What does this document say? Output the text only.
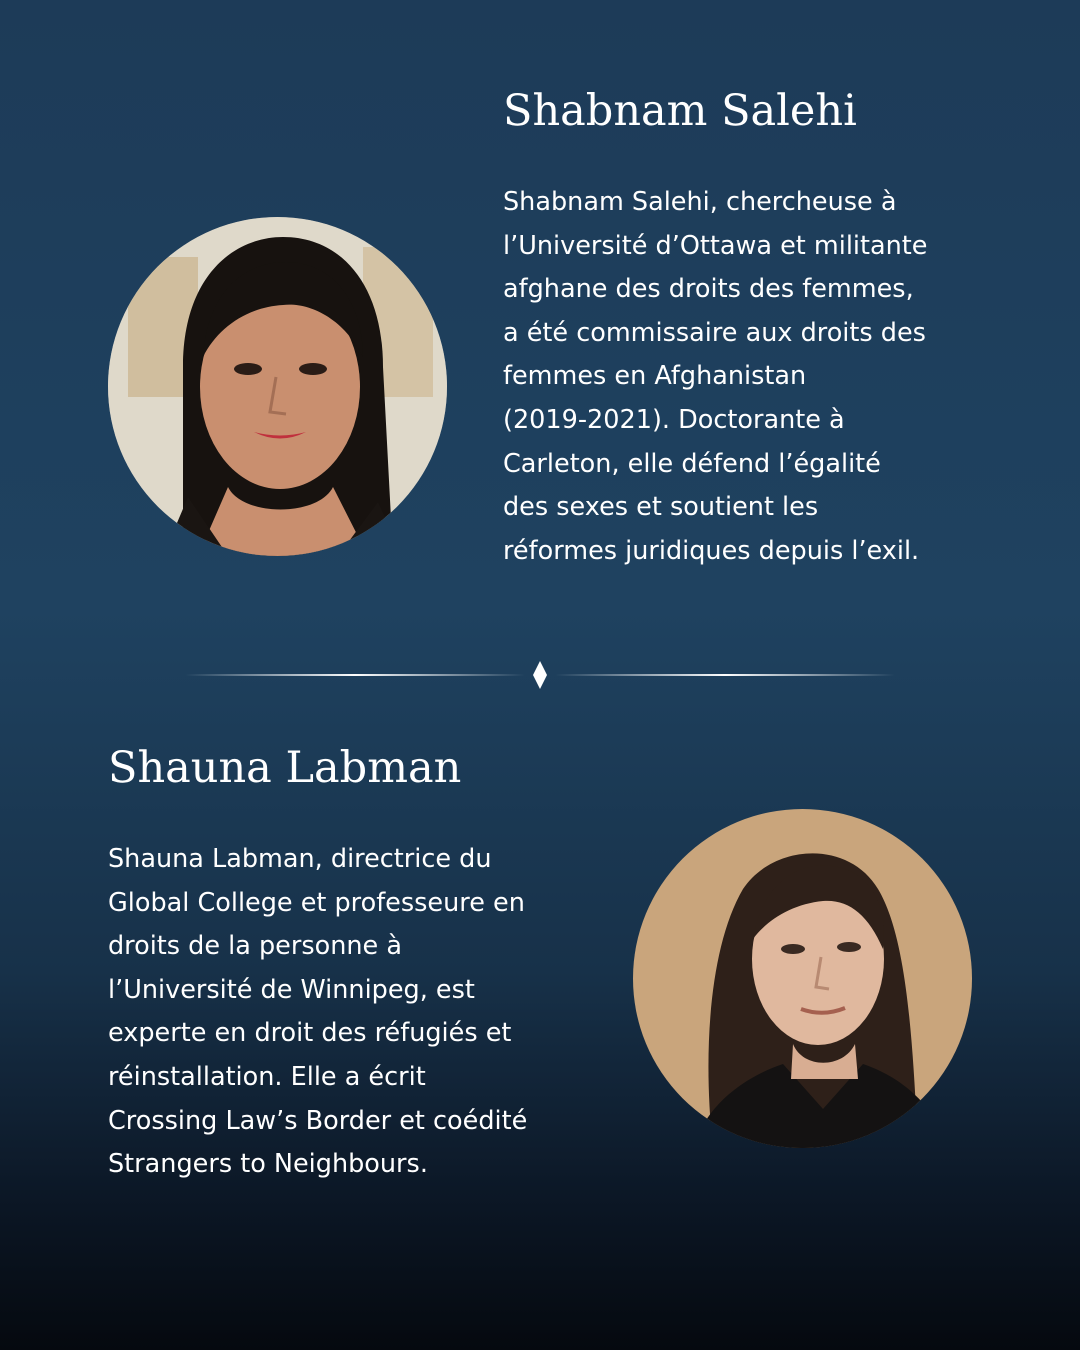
Shabnam Salehi
Shabnam Salehi, chercheuse à
l’Université d’Ottawa et militante
afghane des droits des femmes,
a été commissaire aux droits des
femmes en Afghanistan
(2019-2021). Doctorante à
Carleton, elle défend l’égalité
des sexes et soutient les
réformes juridiques depuis l’exil.
Shauna Labman
Shauna Labman, directrice du
Global College et professeure en
droits de la personne à
l’Université de Winnipeg, est
experte en droit des réfugiés et
réinstallation. Elle a écrit
Crossing Law’s Border et coédité
Strangers to Neighbours.
